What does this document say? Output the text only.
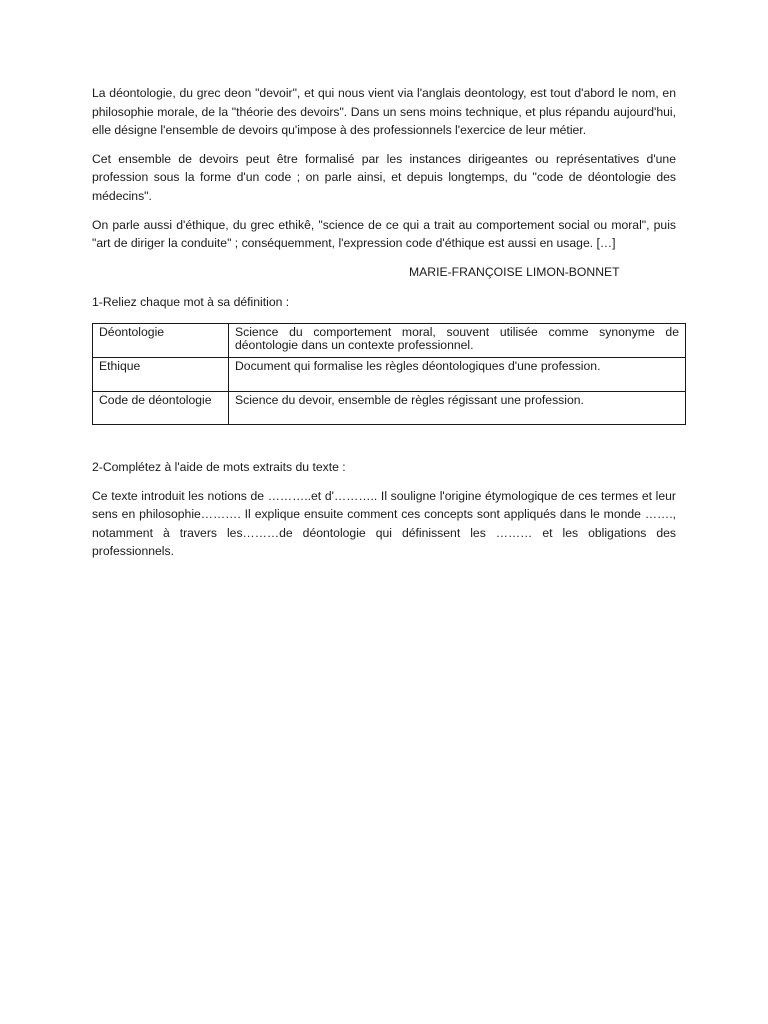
La déontologie, du grec deon "devoir", et qui nous vient via l'anglais deontology, est tout d'abord le nom, en philosophie morale, de la "théorie des devoirs". Dans un sens moins technique, et plus répandu aujourd'hui, elle désigne l'ensemble de devoirs qu'impose à des professionnels l'exercice de leur métier.

Cet ensemble de devoirs peut être formalisé par les instances dirigeantes ou représentatives d'une profession sous la forme d'un code ; on parle ainsi, et depuis longtemps, du "code de déontologie des médecins".

On parle aussi d'éthique, du grec ethikê, "science de ce qui a trait au comportement social ou moral", puis "art de diriger la conduite" ; conséquemment, l'expression code d'éthique est aussi en usage. […]

MARIE-FRANÇOISE LIMON-BONNET

1-Reliez chaque mot à sa définition :

Déontologie	Science du comportement moral, souvent utilisée comme synonyme de déontologie dans un contexte professionnel.
Ethique	Document qui formalise les règles déontologiques d'une profession.
Code de déontologie	Science du devoir, ensemble de règles régissant une profession.

2-Complétez à l'aide de mots extraits du texte :

Ce texte introduit les notions de ………..et d'……….. Il souligne l'origine étymologique de ces termes et leur sens en philosophie………. Il explique ensuite comment ces concepts sont appliqués dans le monde ……., notamment à travers les………de déontologie qui définissent les ……… et les obligations des professionnels.
